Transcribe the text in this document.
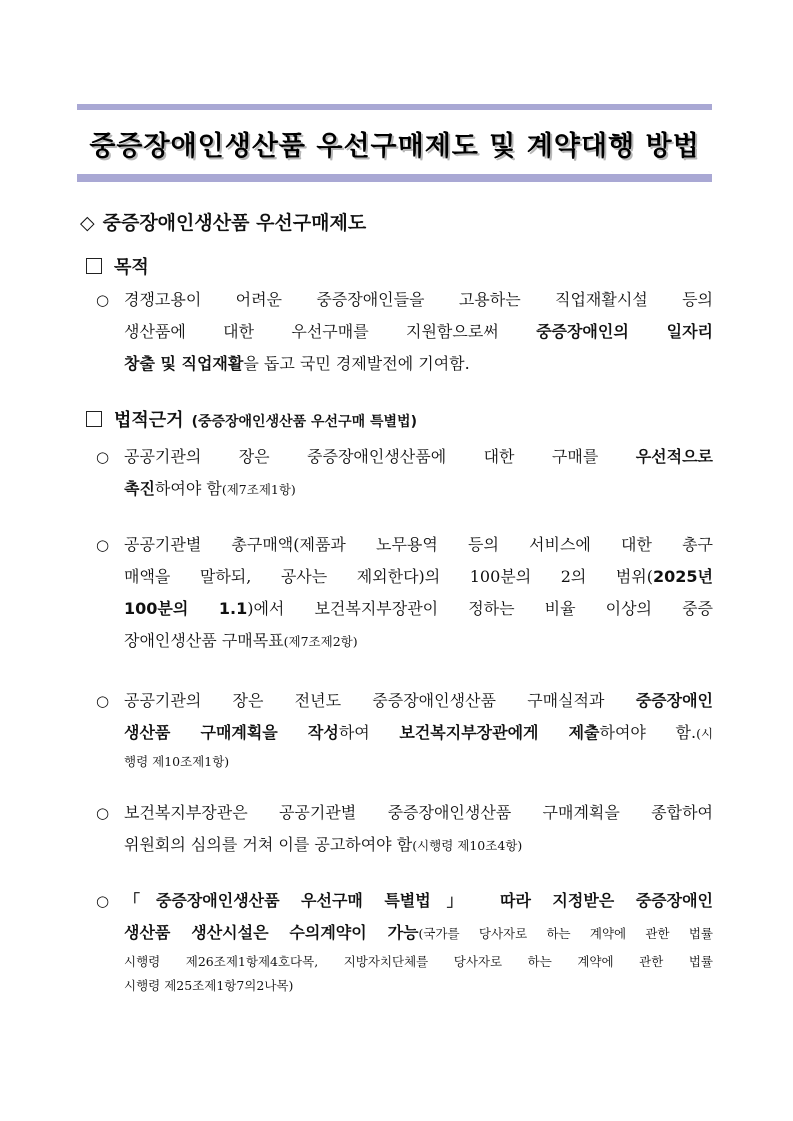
중증장애인생산품 우선구매제도 및 계약대행 방법
◇ 중증장애인생산품 우선구매제도
목적
○ 경쟁고용이 어려운 중증장애인들을 고용하는 직업재활시설 등의
생산품에 대한 우선구매를 지원함으로써 중증장애인의 일자리
창출 및 직업재활을 돕고 국민 경제발전에 기여함.
법적근거 (중증장애인생산품 우선구매 특별법)
○ 공공기관의 장은 중증장애인생산품에 대한 구매를 우선적으로
촉진하여야 함(제7조제1항)
○ 공공기관별 총구매액(제품과 노무용역 등의 서비스에 대한 총구
매액을 말하되, 공사는 제외한다)의 100분의 2의 범위(2025년
100분의 1.1)에서 보건복지부장관이 정하는 비율 이상의 중증
장애인생산품 구매목표(제7조제2항)
○ 공공기관의 장은 전년도 중증장애인생산품 구매실적과 중증장애인
생산품 구매계획을 작성하여 보건복지부장관에게 제출하여야 함.(시
행령 제10조제1항)
○ 보건복지부장관은 공공기관별 중증장애인생산품 구매계획을 종합하여
위원회의 심의를 거쳐 이를 공고하여야 함(시행령 제10조4항)
○ 「중증장애인생산품 우선구매 특별법」 따라 지정받은 중증장애인
생산품 생산시설은 수의계약이 가능(국가를 당사자로 하는 계약에 관한 법률
시행령 제26조제1항제4호다목, 지방자치단체를 당사자로 하는 계약에 관한 법률
시행령 제25조제1항7의2나목)
